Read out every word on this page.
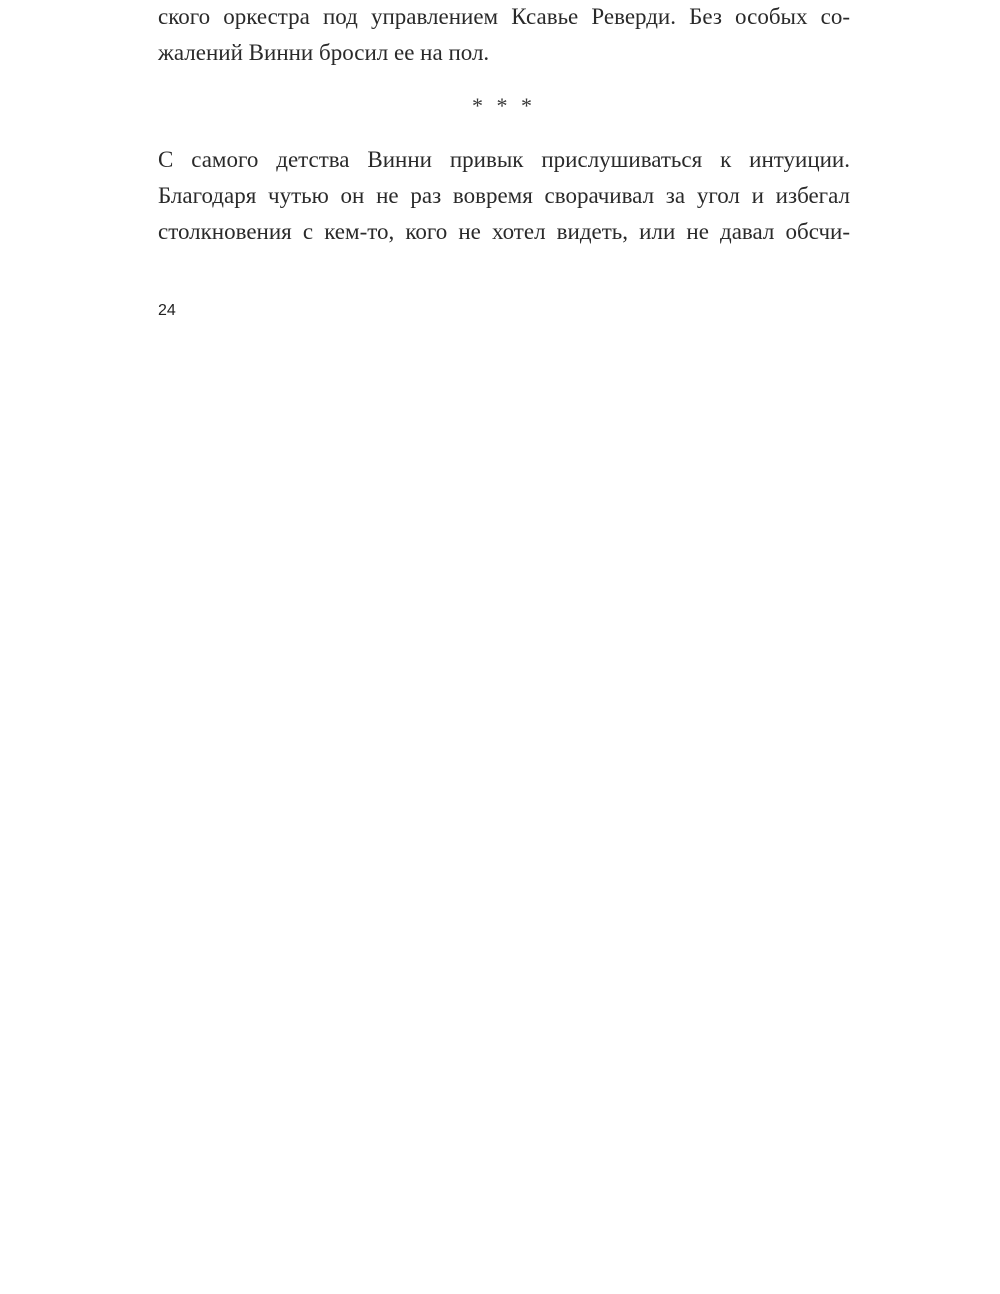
ского оркестра под управлением Ксавье Реверди. Без особых со-
жалений Винни бросил ее на пол.
* * *
С самого детства Винни привык прислушиваться к интуиции.
Благодаря чутью он не раз вовремя сворачивал за угол и избегал
столкновения с кем-то, кого не хотел видеть, или не давал обсчи-
24
